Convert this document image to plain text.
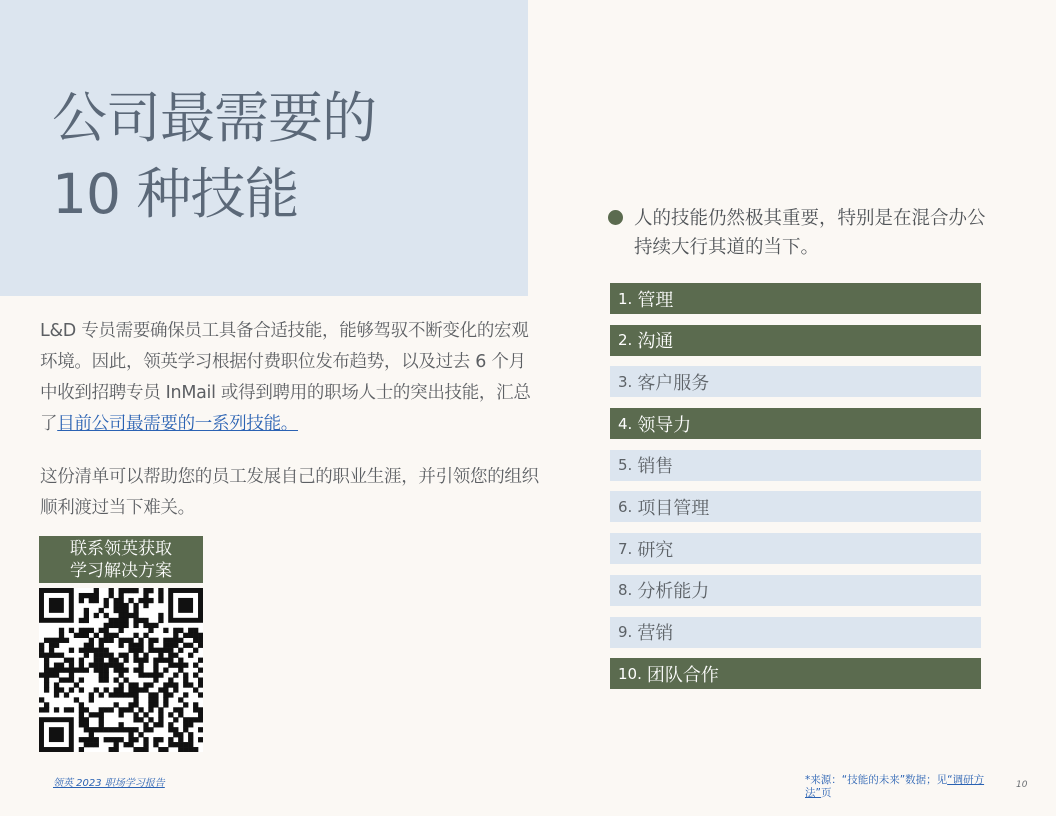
公司最需要的
10 种技能

L&D 专员需要确保员工具备合适技能，能够驾驭不断变化的宏观环境。因此，领英学习根据付费职位发布趋势，以及过去 6 个月中收到招聘专员 InMail 或得到聘用的职场人士的突出技能，汇总了目前公司最需要的一系列技能。

这份清单可以帮助您的员工发展自己的职业生涯，并引领您的组织顺利渡过当下难关。

联系领英获取
学习解决方案

人的技能仍然极其重要，特别是在混合办公持续大行其道的当下。

1. 管理
2. 沟通
3. 客户服务
4. 领导力
5. 销售
6. 项目管理
7. 研究
8. 分析能力
9. 营销
10. 团队合作
领英 2023 职场学习报告	*来源：“技能的未来”数据；见“调研方法”页
10
